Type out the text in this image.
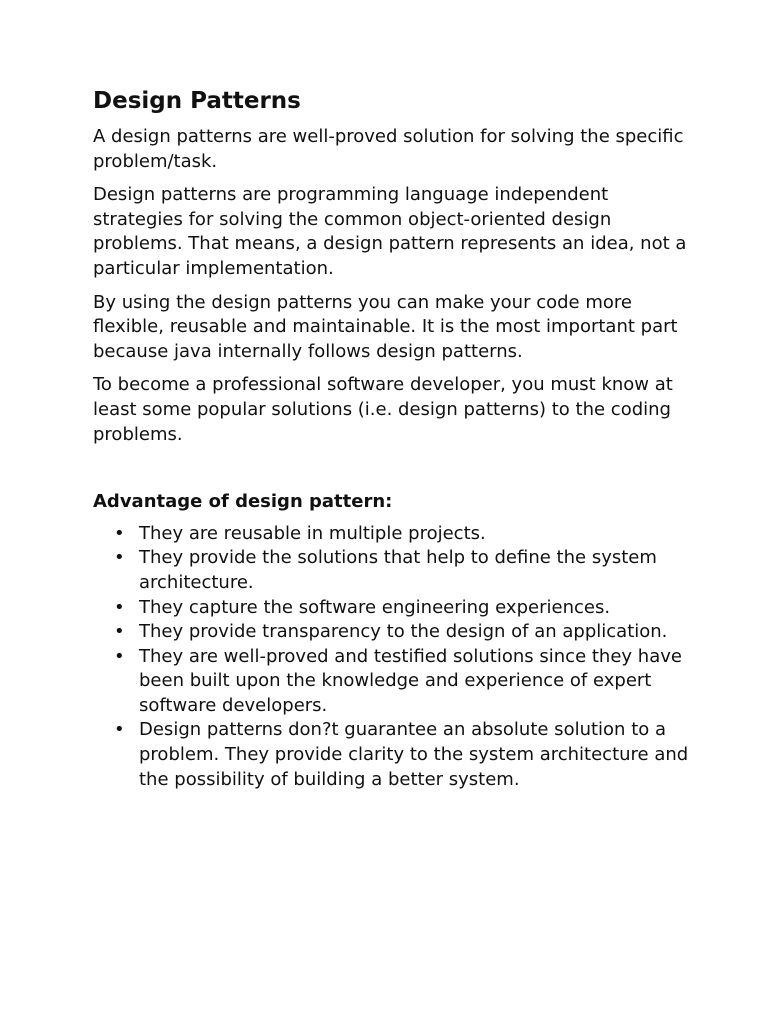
Design Patterns

A design patterns are well-proved solution for solving the specific problem/task.

Design patterns are programming language independent strategies for solving the common object-oriented design problems. That means, a design pattern represents an idea, not a particular implementation.

By using the design patterns you can make your code more flexible, reusable and maintainable. It is the most important part because java internally follows design patterns.

To become a professional software developer, you must know at least some popular solutions (i.e. design patterns) to the coding problems.

Advantage of design pattern:
• They are reusable in multiple projects.
• They provide the solutions that help to define the system architecture.
• They capture the software engineering experiences.
• They provide transparency to the design of an application.
• They are well-proved and testified solutions since they have been built upon the knowledge and experience of expert software developers.
• Design patterns don?t guarantee an absolute solution to a problem. They provide clarity to the system architecture and the possibility of building a better system.
